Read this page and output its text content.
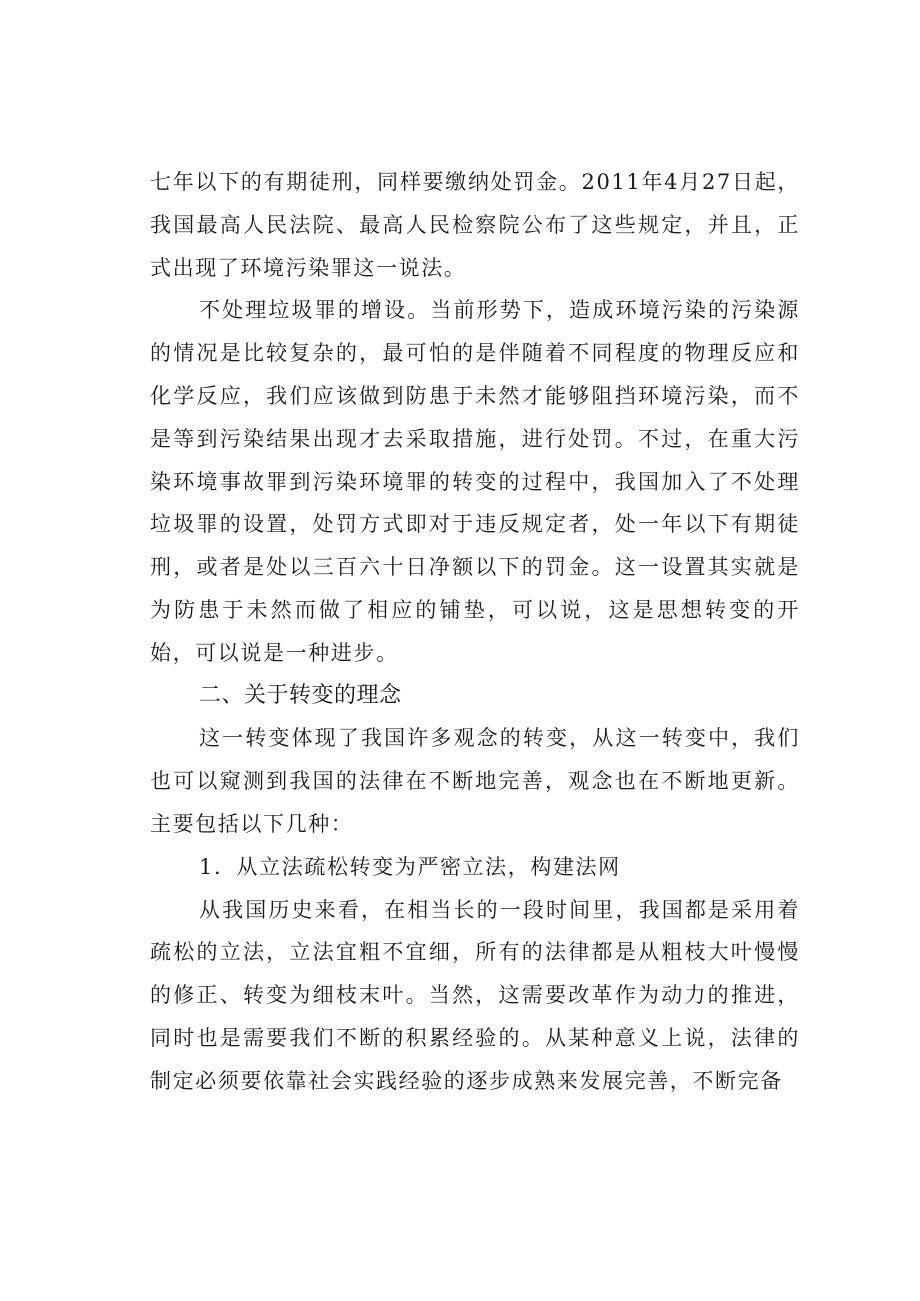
七年以下的有期徒刑，同样要缴纳处罚金。2011年4月27日起，我国最高人民法院、最高人民检察院公布了这些规定，并且，正式出现了环境污染罪这一说法。

不处理垃圾罪的增设。当前形势下，造成环境污染的污染源的情况是比较复杂的，最可怕的是伴随着不同程度的物理反应和化学反应，我们应该做到防患于未然才能够阻挡环境污染，而不是等到污染结果出现才去采取措施，进行处罚。不过，在重大污染环境事故罪到污染环境罪的转变的过程中，我国加入了不处理垃圾罪的设置，处罚方式即对于违反规定者，处一年以下有期徒刑，或者是处以三百六十日净额以下的罚金。这一设置其实就是为防患于未然而做了相应的铺垫，可以说，这是思想转变的开始，可以说是一种进步。

二、关于转变的理念

这一转变体现了我国许多观念的转变，从这一转变中，我们也可以窥测到我国的法律在不断地完善，观念也在不断地更新。主要包括以下几种：

1．从立法疏松转变为严密立法，构建法网

从我国历史来看，在相当长的一段时间里，我国都是采用着疏松的立法，立法宜粗不宜细，所有的法律都是从粗枝大叶慢慢的修正、转变为细枝末叶。当然，这需要改革作为动力的推进，同时也是需要我们不断的积累经验的。从某种意义上说，法律的制定必须要依靠社会实践经验的逐步成熟来发展完善，不断完备
